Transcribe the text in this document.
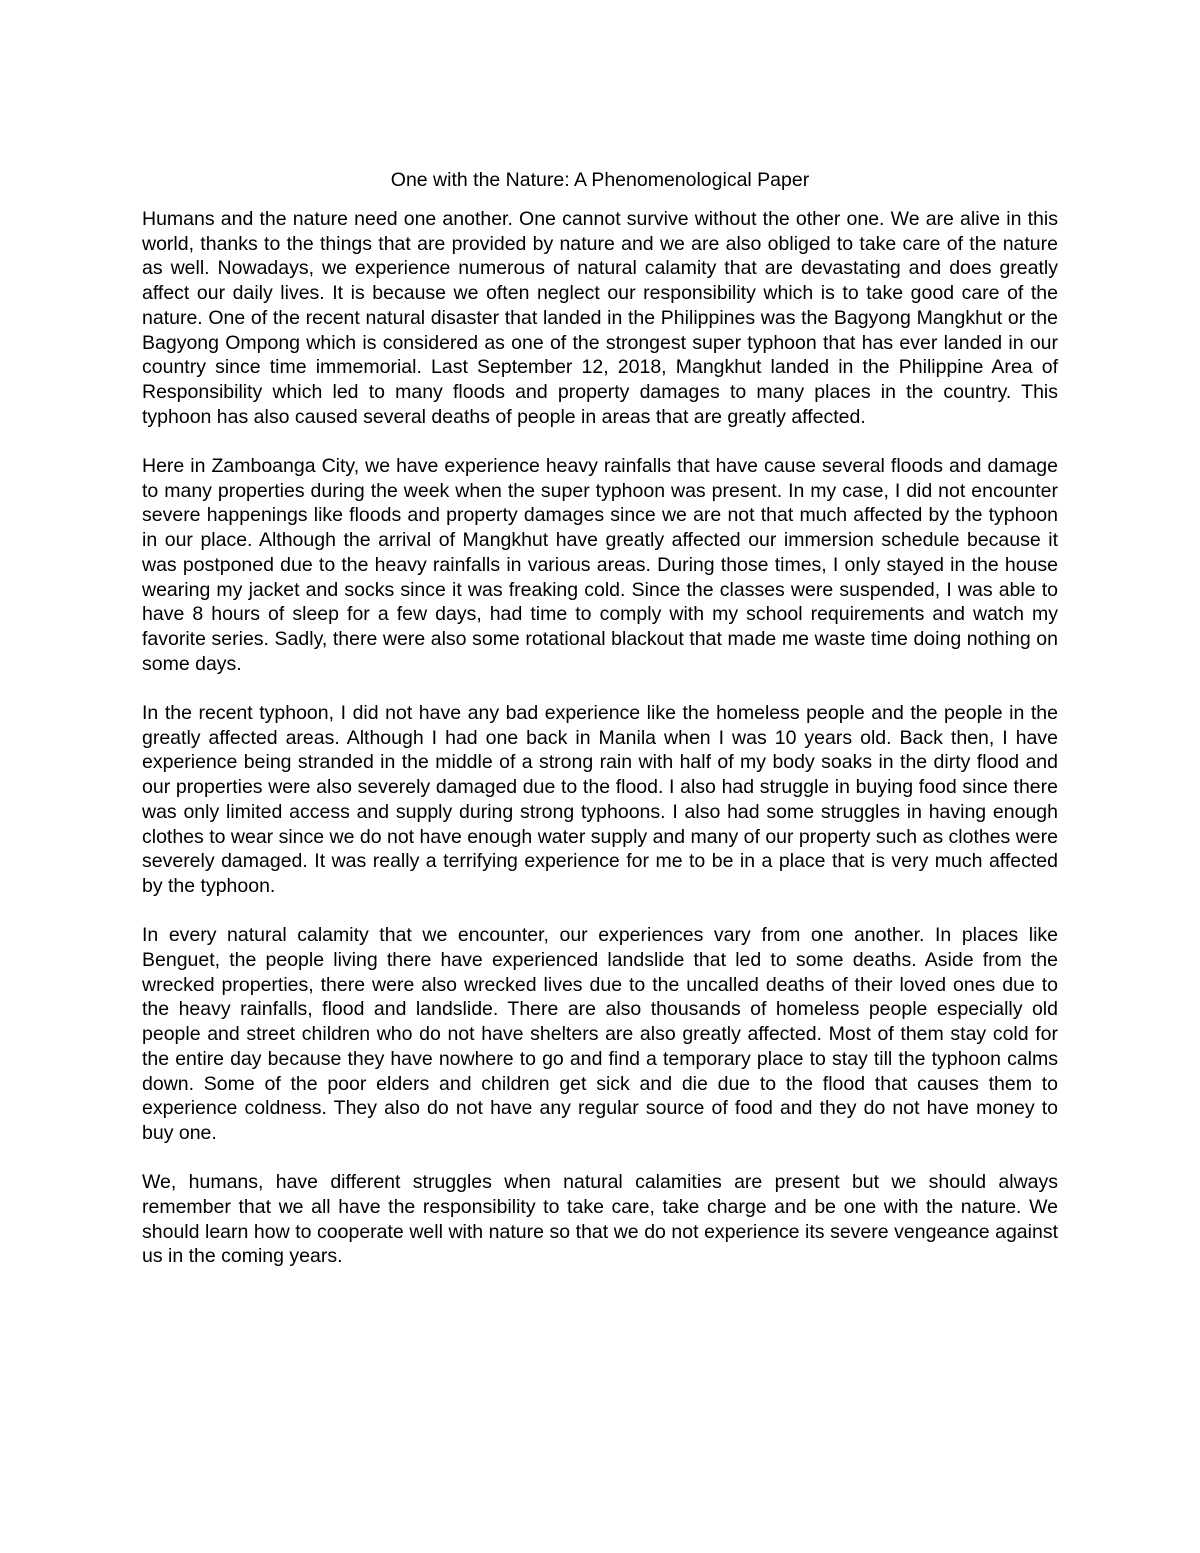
One with the Nature: A Phenomenological Paper

Humans and the nature need one another. One cannot survive without the other one. We are alive in this world, thanks to the things that are provided by nature and we are also obliged to take care of the nature as well. Nowadays, we experience numerous of natural calamity that are devastating and does greatly affect our daily lives. It is because we often neglect our responsibility which is to take good care of the nature. One of the recent natural disaster that landed in the Philippines was the Bagyong Mangkhut or the Bagyong Ompong which is considered as one of the strongest super typhoon that has ever landed in our country since time immemorial. Last September 12, 2018, Mangkhut landed in the Philippine Area of Responsibility which led to many floods and property damages to many places in the country. This typhoon has also caused several deaths of people in areas that are greatly affected.

Here in Zamboanga City, we have experience heavy rainfalls that have cause several floods and damage to many properties during the week when the super typhoon was present. In my case, I did not encounter severe happenings like floods and property damages since we are not that much affected by the typhoon in our place. Although the arrival of Mangkhut have greatly affected our immersion schedule because it was postponed due to the heavy rainfalls in various areas. During those times, I only stayed in the house wearing my jacket and socks since it was freaking cold. Since the classes were suspended, I was able to have 8 hours of sleep for a few days, had time to comply with my school requirements and watch my favorite series. Sadly, there were also some rotational blackout that made me waste time doing nothing on some days.

In the recent typhoon, I did not have any bad experience like the homeless people and the people in the greatly affected areas. Although I had one back in Manila when I was 10 years old. Back then, I have experience being stranded in the middle of a strong rain with half of my body soaks in the dirty flood and our properties were also severely damaged due to the flood. I also had struggle in buying food since there was only limited access and supply during strong typhoons. I also had some struggles in having enough clothes to wear since we do not have enough water supply and many of our property such as clothes were severely damaged. It was really a terrifying experience for me to be in a place that is very much affected by the typhoon.

In every natural calamity that we encounter, our experiences vary from one another. In places like Benguet, the people living there have experienced landslide that led to some deaths. Aside from the wrecked properties, there were also wrecked lives due to the uncalled deaths of their loved ones due to the heavy rainfalls, flood and landslide. There are also thousands of homeless people especially old people and street children who do not have shelters are also greatly affected. Most of them stay cold for the entire day because they have nowhere to go and find a temporary place to stay till the typhoon calms down. Some of the poor elders and children get sick and die due to the flood that causes them to experience coldness. They also do not have any regular source of food and they do not have money to buy one.

We, humans, have different struggles when natural calamities are present but we should always remember that we all have the responsibility to take care, take charge and be one with the nature. We should learn how to cooperate well with nature so that we do not experience its severe vengeance against us in the coming years.
